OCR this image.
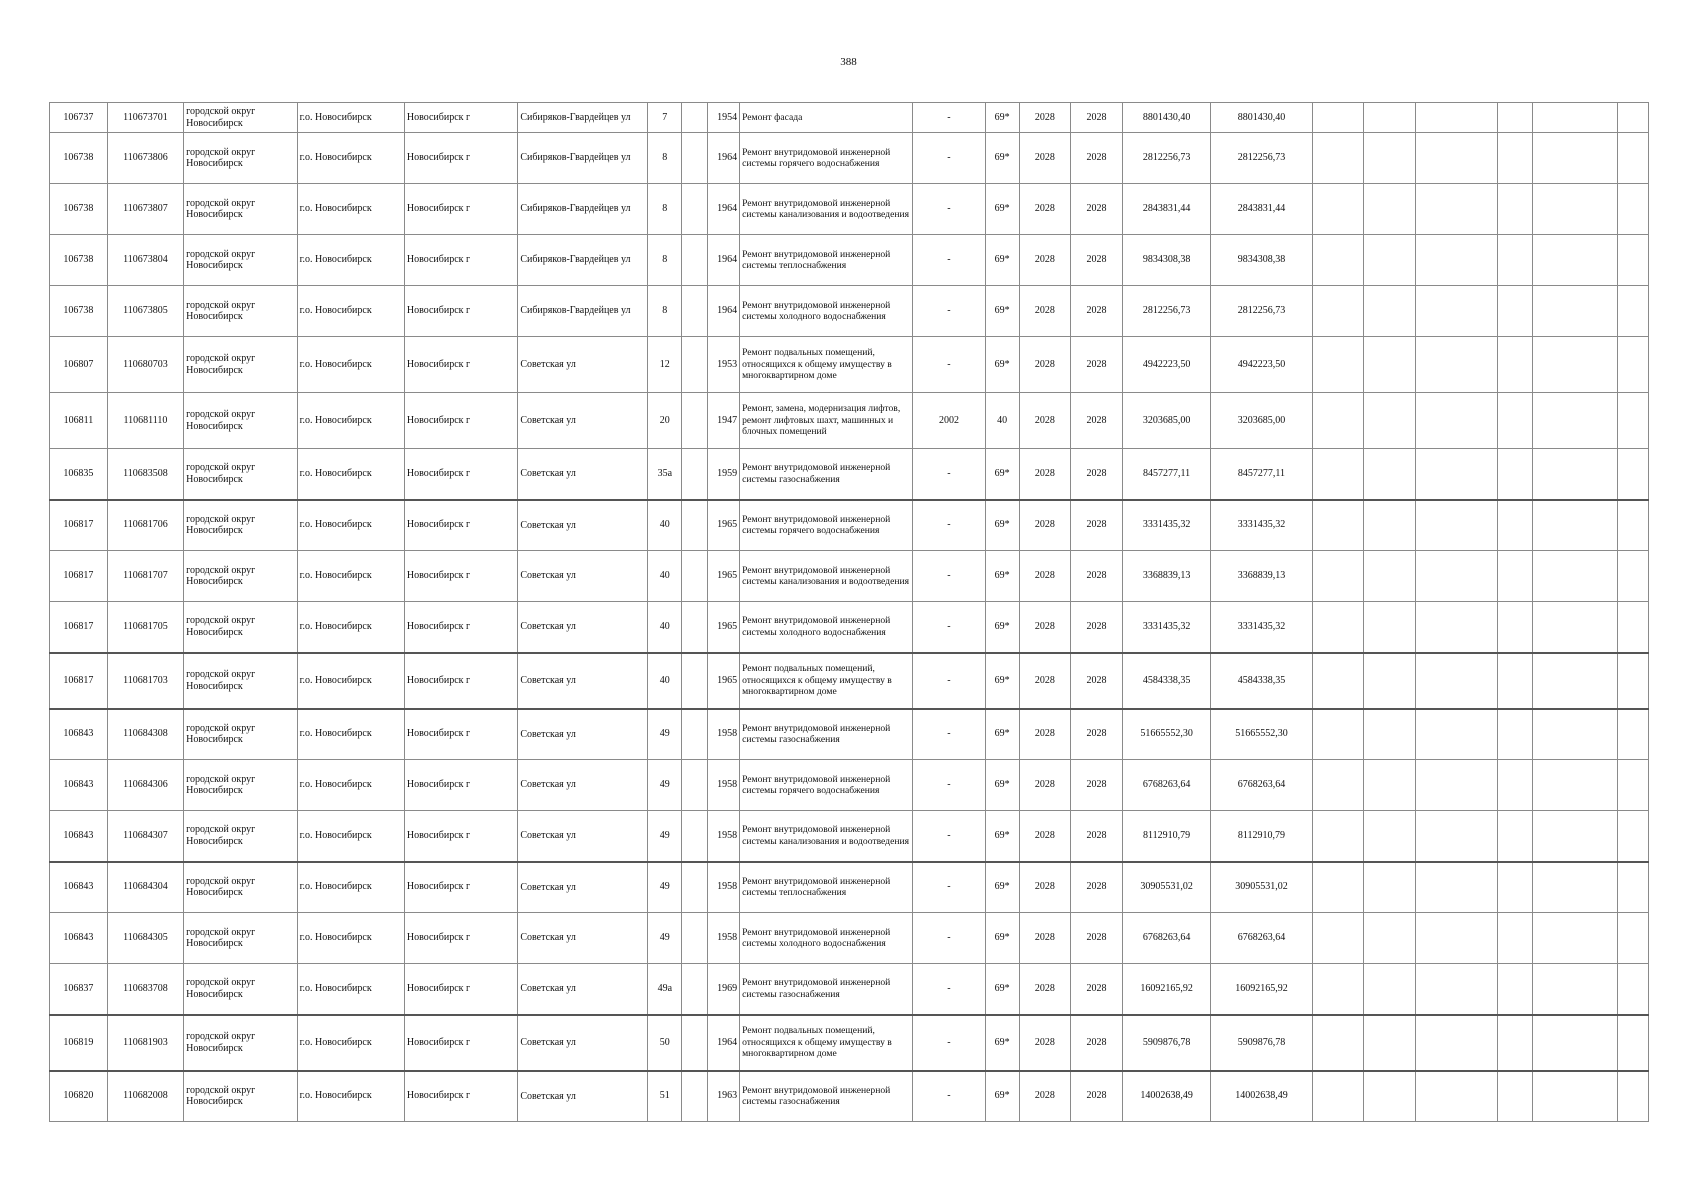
388
106737	110673701	городской округ Новосибирск	г.о. Новосибирск	Новосибирск г	Сибиряков-Гвардейцев ул	7		1954	Ремонт фасада	-	69*	2028	2028	8801430,40	8801430,40						
106738	110673806	городской округ Новосибирск	г.о. Новосибирск	Новосибирск г	Сибиряков-Гвардейцев ул	8		1964	Ремонт внутридомовой инженерной системы горячего водоснабжения	-	69*	2028	2028	2812256,73	2812256,73						
106738	110673807	городской округ Новосибирск	г.о. Новосибирск	Новосибирск г	Сибиряков-Гвардейцев ул	8		1964	Ремонт внутридомовой инженерной системы канализования и водоотведения	-	69*	2028	2028	2843831,44	2843831,44						
106738	110673804	городской округ Новосибирск	г.о. Новосибирск	Новосибирск г	Сибиряков-Гвардейцев ул	8		1964	Ремонт внутридомовой инженерной системы теплоснабжения	-	69*	2028	2028	9834308,38	9834308,38						
106738	110673805	городской округ Новосибирск	г.о. Новосибирск	Новосибирск г	Сибиряков-Гвардейцев ул	8		1964	Ремонт внутридомовой инженерной системы холодного водоснабжения	-	69*	2028	2028	2812256,73	2812256,73						
106807	110680703	городской округ Новосибирск	г.о. Новосибирск	Новосибирск г	Советская ул	12		1953	Ремонт подвальных помещений, относящихся к общему имуществу в многоквартирном доме	-	69*	2028	2028	4942223,50	4942223,50						
106811	110681110	городской округ Новосибирск	г.о. Новосибирск	Новосибирск г	Советская ул	20		1947	Ремонт, замена, модернизация лифтов, ремонт лифтовых шахт, машинных и блочных помещений	2002	40	2028	2028	3203685,00	3203685,00						
106835	110683508	городской округ Новосибирск	г.о. Новосибирск	Новосибирск г	Советская ул	35а		1959	Ремонт внутридомовой инженерной системы газоснабжения	-	69*	2028	2028	8457277,11	8457277,11						
106817	110681706	городской округ Новосибирск	г.о. Новосибирск	Новосибирск г	Советская ул	40		1965	Ремонт внутридомовой инженерной системы горячего водоснабжения	-	69*	2028	2028	3331435,32	3331435,32						
106817	110681707	городской округ Новосибирск	г.о. Новосибирск	Новосибирск г	Советская ул	40		1965	Ремонт внутридомовой инженерной системы канализования и водоотведения	-	69*	2028	2028	3368839,13	3368839,13						
106817	110681705	городской округ Новосибирск	г.о. Новосибирск	Новосибирск г	Советская ул	40		1965	Ремонт внутридомовой инженерной системы холодного водоснабжения	-	69*	2028	2028	3331435,32	3331435,32						
106817	110681703	городской округ Новосибирск	г.о. Новосибирск	Новосибирск г	Советская ул	40		1965	Ремонт подвальных помещений, относящихся к общему имуществу в многоквартирном доме	-	69*	2028	2028	4584338,35	4584338,35						
106843	110684308	городской округ Новосибирск	г.о. Новосибирск	Новосибирск г	Советская ул	49		1958	Ремонт внутридомовой инженерной системы газоснабжения	-	69*	2028	2028	51665552,30	51665552,30						
106843	110684306	городской округ Новосибирск	г.о. Новосибирск	Новосибирск г	Советская ул	49		1958	Ремонт внутридомовой инженерной системы горячего водоснабжения	-	69*	2028	2028	6768263,64	6768263,64						
106843	110684307	городской округ Новосибирск	г.о. Новосибирск	Новосибирск г	Советская ул	49		1958	Ремонт внутридомовой инженерной системы канализования и водоотведения	-	69*	2028	2028	8112910,79	8112910,79						
106843	110684304	городской округ Новосибирск	г.о. Новосибирск	Новосибирск г	Советская ул	49		1958	Ремонт внутридомовой инженерной системы теплоснабжения	-	69*	2028	2028	30905531,02	30905531,02						
106843	110684305	городской округ Новосибирск	г.о. Новосибирск	Новосибирск г	Советская ул	49		1958	Ремонт внутридомовой инженерной системы холодного водоснабжения	-	69*	2028	2028	6768263,64	6768263,64						
106837	110683708	городской округ Новосибирск	г.о. Новосибирск	Новосибирск г	Советская ул	49а		1969	Ремонт внутридомовой инженерной системы газоснабжения	-	69*	2028	2028	16092165,92	16092165,92						
106819	110681903	городской округ Новосибирск	г.о. Новосибирск	Новосибирск г	Советская ул	50		1964	Ремонт подвальных помещений, относящихся к общему имуществу в многоквартирном доме	-	69*	2028	2028	5909876,78	5909876,78						
106820	110682008	городской округ Новосибирск	г.о. Новосибирск	Новосибирск г	Советская ул	51		1963	Ремонт внутридомовой инженерной системы газоснабжения	-	69*	2028	2028	14002638,49	14002638,49						
